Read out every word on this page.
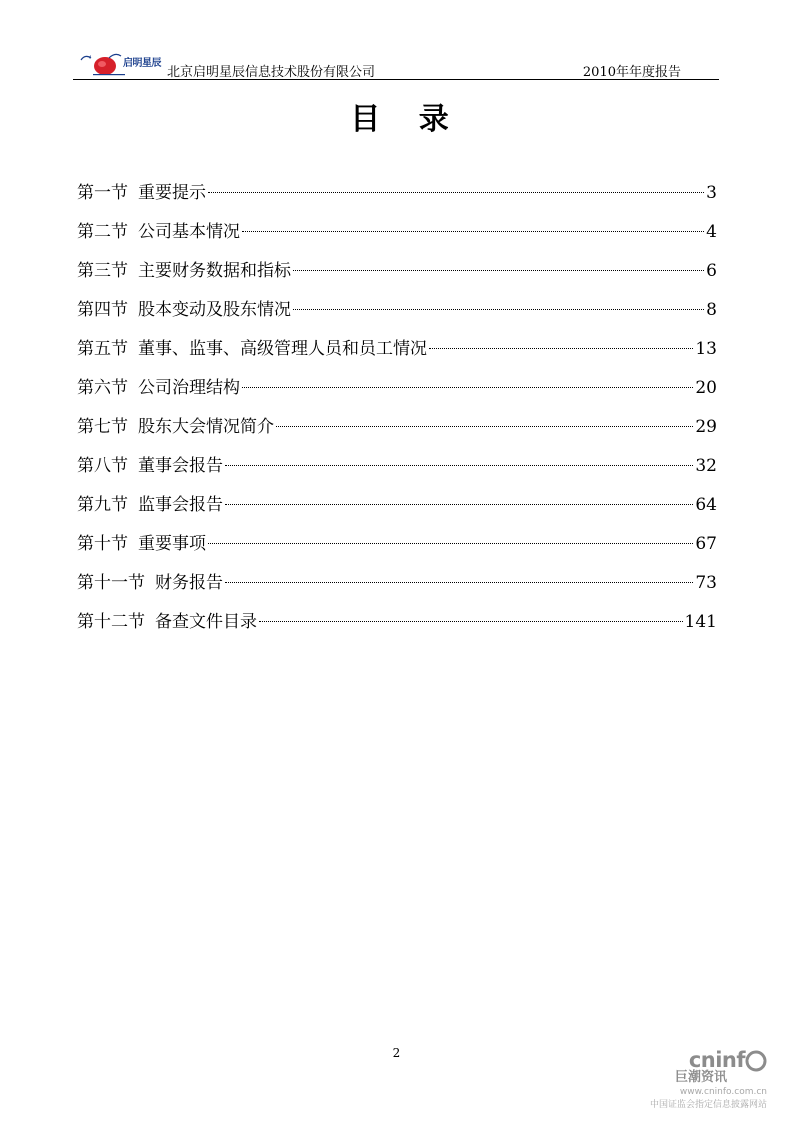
启明星辰
北京启明星辰信息技术股份有限公司	2010年年度报告
目 录
第一节 重要提示	3
第二节 公司基本情况	4
第三节 主要财务数据和指标	6
第四节 股本变动及股东情况	8
第五节 董事、监事、高级管理人员和员工情况	13
第六节 公司治理结构	20
第七节 股东大会情况简介	29
第八节 董事会报告	32
第九节 监事会报告	64
第十节 重要事项	67
第十一节 财务报告	73
第十二节 备查文件目录	141
2	cninf
巨潮资讯
www.cninfo.com.cn
中国证监会指定信息披露网站
